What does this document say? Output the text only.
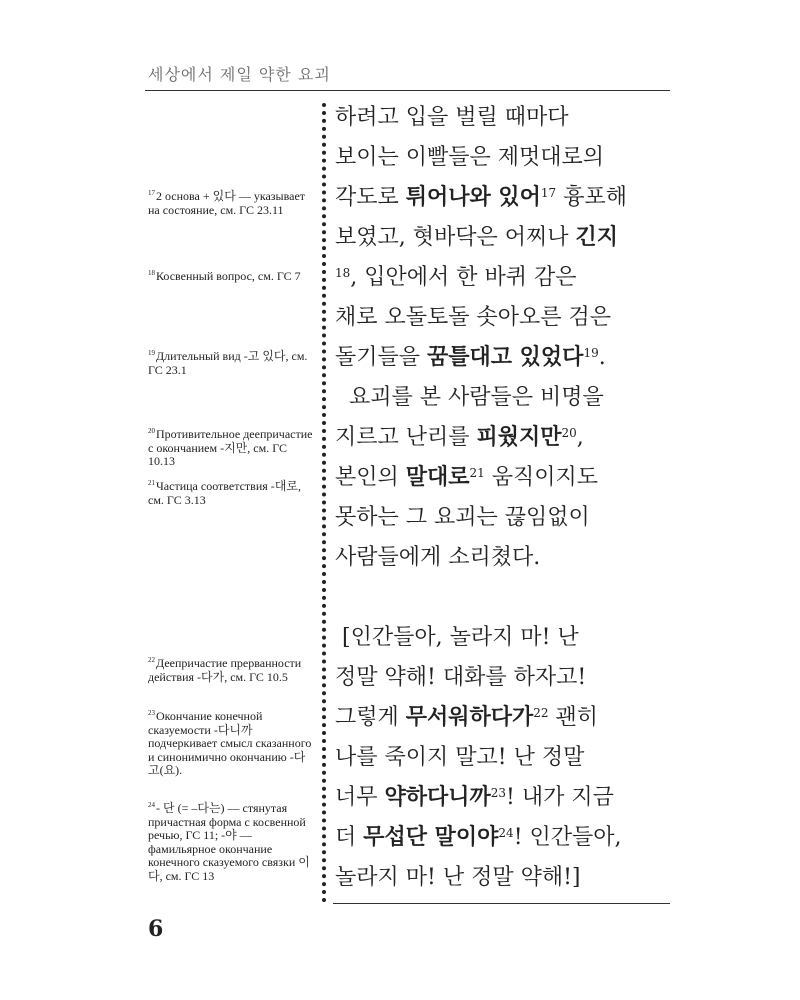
세상에서 제일 약한 요괴
$^{17}$2 основа + 있다 — указывает на состояние, см. ГС 23.11
$^{18}$Косвенный вопрос, см. ГС 7
$^{19}$Длительный вид -고 있다, см. ГС 23.1
$^{20}$Противительное деепричастие с окончанием -지만, см. ГС 10.13
$^{21}$Частица соответствия -대로, см. ГС 3.13
$^{22}$Деепричастие прерванности действия -다가, см. ГС 10.5
$^{23}$Окончание конечной сказуемости -다니까 подчеркивает смысл сказанного и синонимично окончанию -다고(요).
$^{24}$- 단 (= –다는) — стянутая причастная форма с косвенной речью, ГС 11; -야 — фамильярное окончание конечного сказуемого связки 이다, см. ГС 13
하려고 입을 벌릴 때마다
보이는 이빨들은 제멋대로의
각도로 튀어나와 있어$^{17}$ 흉포해
보였고, 혓바닥은 어찌나 긴지
$^{18}$, 입안에서 한 바퀴 감은
채로 오돌토돌 솟아오른 검은
돌기들을 꿈틀대고 있었다$^{19}$.
요괴를 본 사람들은 비명을
지르고 난리를 피웠지만$^{20}$,
본인의 말대로$^{21}$ 움직이지도
못하는 그 요괴는 끊임없이
사람들에게 소리쳤다.
[인간들아, 놀라지 마! 난
정말 약해! 대화를 하자고!
그렇게 무서워하다가$^{22}$ 괜히
나를 죽이지 말고! 난 정말
너무 약하다니까$^{23}$! 내가 지금
더 무섭단 말이야$^{24}$! 인간들아,
놀라지 마! 난 정말 약해!]
6
